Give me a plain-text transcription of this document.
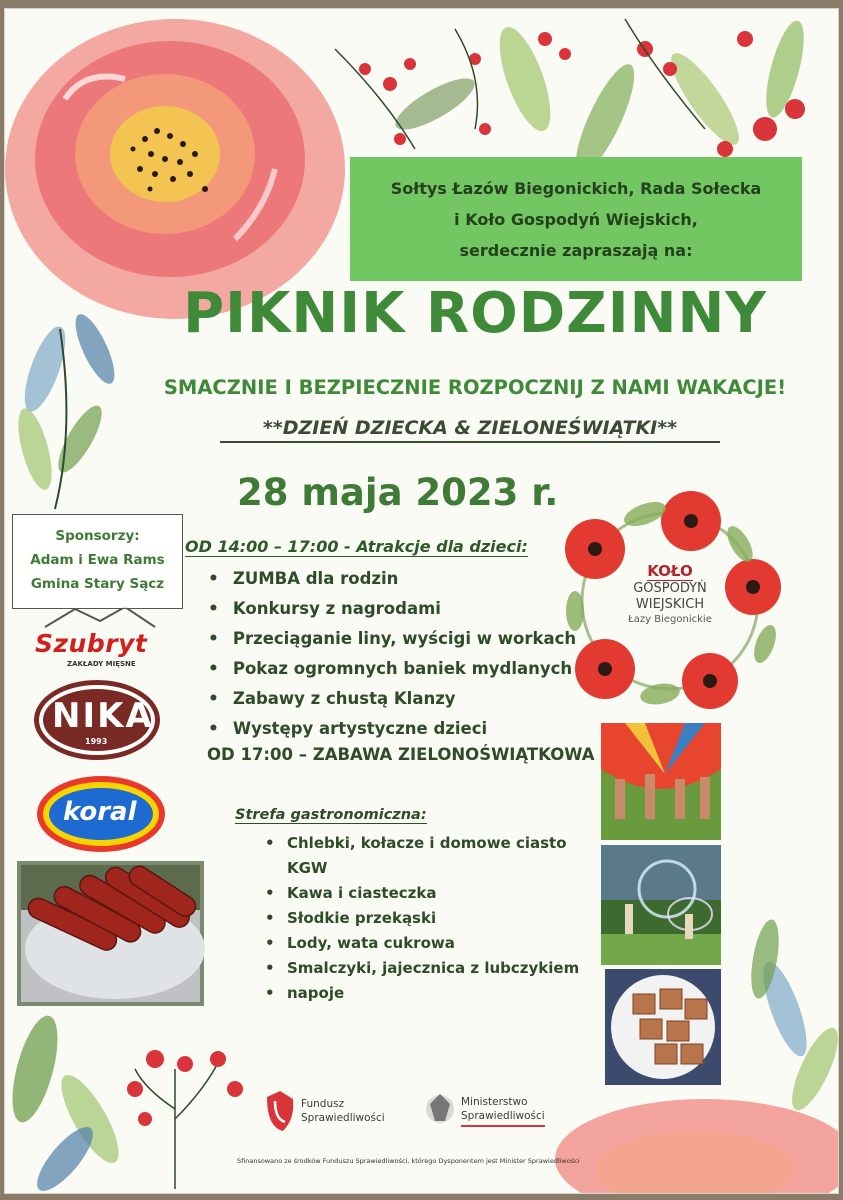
Sołtys Łazów Biegonickich, Rada Sołecka
i Koło Gospodyń Wiejskich,
serdecznie zapraszają na:
PIKNIK RODZINNY
SMACZNIE I BEZPIECZNIE ROZPOCZNIJ Z NAMI WAKACJE!
**DZIEŃ DZIECKA & ZIELONEŚWIĄTKI**
28 maja 2023 r.
Sponsorzy:
Adam i Ewa Rams
Gmina Stary Sącz
Szubryt
ZAKŁADY MIĘSNE
NIKA
1993
koral
OD 14:00 – 17:00 - Atrakcje dla dzieci:
• ZUMBA dla rodzin
• Konkursy z nagrodami
• Przeciąganie liny, wyścigi w workach
• Pokaz ogromnych baniek mydlanych
• Zabawy z chustą Klanzy
• Występy artystyczne dzieci
OD 17:00 – ZABAWA ZIELONOŚWIĄTKOWA
KOŁO
GOSPODYŃ
WIEJSKICH
Łazy Biegonickie
Strefa gastronomiczna:
• Chlebki, kołacze i domowe ciasto
KGW
• Kawa i ciasteczka
• Słodkie przekąski
• Lody, wata cukrowa
• Smalczyki, jajecznica z lubczykiem
• napoje
Fundusz
Sprawiedliwości
Ministerstwo
Sprawiedliwości
Sfinansowano ze środków Funduszu Sprawiedliwości, którego Dysponentem jest Minister Sprawiedliwości
